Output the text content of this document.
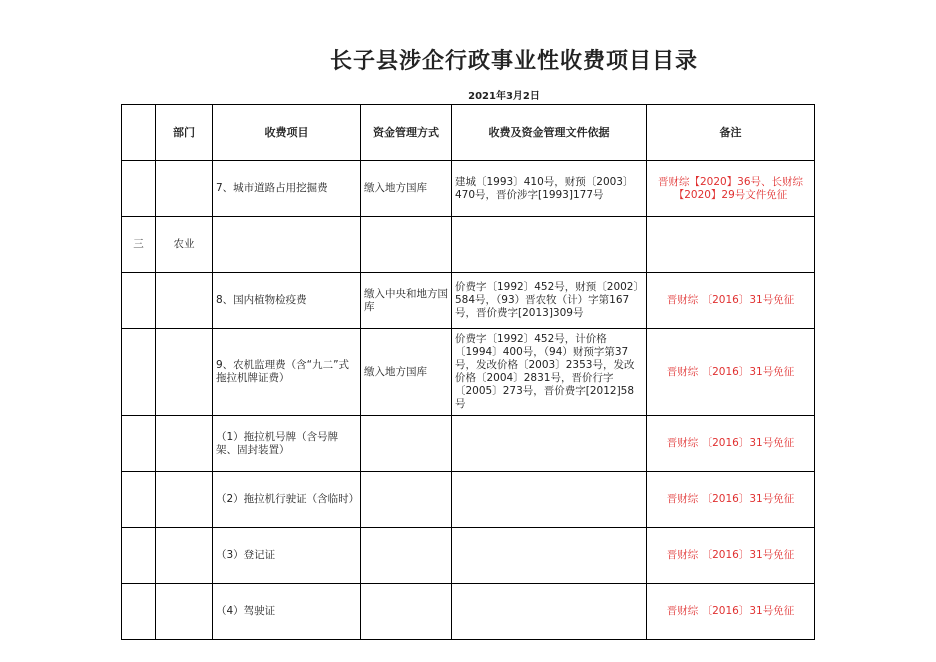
长子县涉企行政事业性收费项目目录
2021年3月2日
	部门	收费项目	资金管理方式	收费及资金管理文件依据	备注
		7、城市道路占用挖掘费	缴入地方国库	建城〔1993〕410号，财预〔2003〕470号，晋价涉字[1993]177号	晋财综【2020】36号、长财综【2020】29号文件免征
三	农业				
		8、国内植物检疫费	缴入中央和地方国库	价费字〔1992〕452号，财预〔2002〕584号，（93）晋农牧（计）字第167号，晋价费字[2013]309号	晋财综 〔2016〕31号免征
		9、农机监理费（含“九二”式拖拉机牌证费）	缴入地方国库	价费字〔1992〕452号，计价格〔1994〕400号，（94）财预字第37号，发改价格〔2003〕2353号，发改价格〔2004〕2831号，晋价行字〔2005〕273号，晋价费字[2012]58号	晋财综 〔2016〕31号免征
		（1）拖拉机号牌（含号牌架、固封装置）			晋财综 〔2016〕31号免征
		（2）拖拉机行驶证（含临时）			晋财综 〔2016〕31号免征
		（3）登记证			晋财综 〔2016〕31号免征
		（4）驾驶证			晋财综 〔2016〕31号免征
